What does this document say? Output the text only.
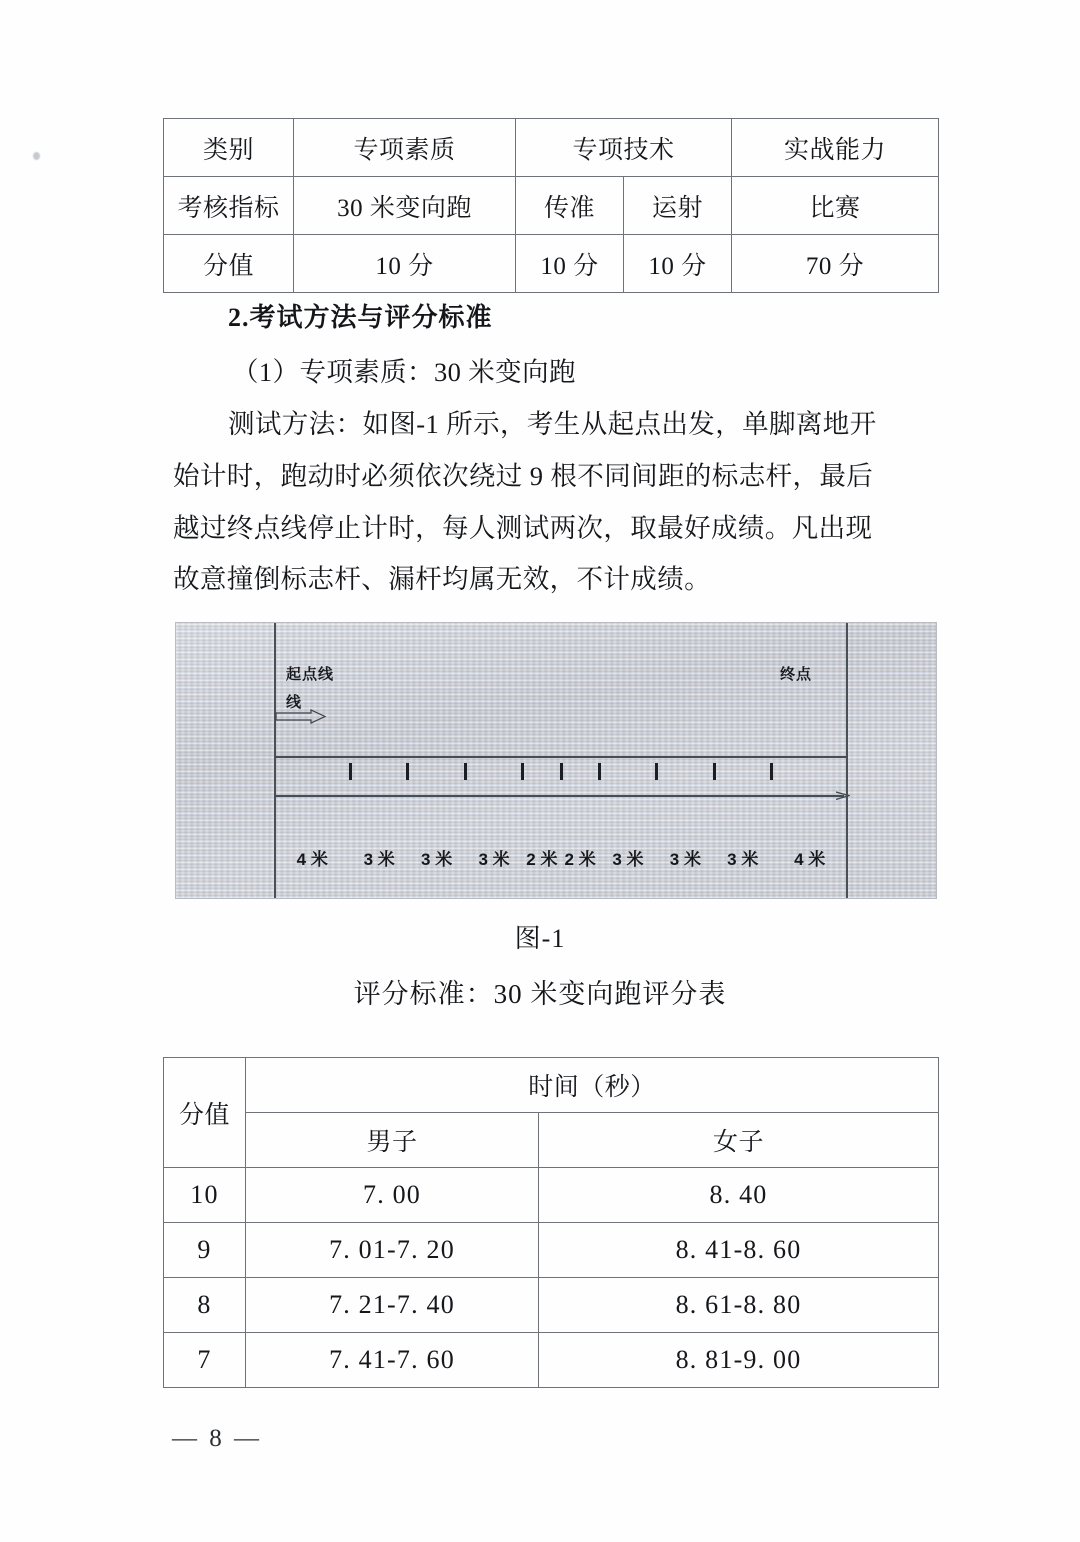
类别	专项素质	专项技术		实战能力
考核指标	30 米变向跑	传准	运射	比赛
分值	10 分	10 分	10 分	70 分
2.考试方法与评分标准
（1）专项素质：30 米变向跑
测试方法：如图-1 所示，考生从起点出发，单脚离地开
始计时，跑动时必须依次绕过 9 根不同间距的标志杆，最后
越过终点线停止计时，每人测试两次，取最好成绩。凡出现
故意撞倒标志杆、漏杆均属无效，不计成绩。
起点线
线
终点
4 米 3 米 3 米 3 米 2 米 2 米 3 米 3 米 3 米 4 米
图-1
评分标准：30 米变向跑评分表
分值	时间（秒）	
	男子	女子
10	7. 00	8. 40
9	7. 01-7. 20	8. 41-8. 60
8	7. 21-7. 40	8. 61-8. 80
7	7. 41-7. 60	8. 81-9. 00
— 8 —
